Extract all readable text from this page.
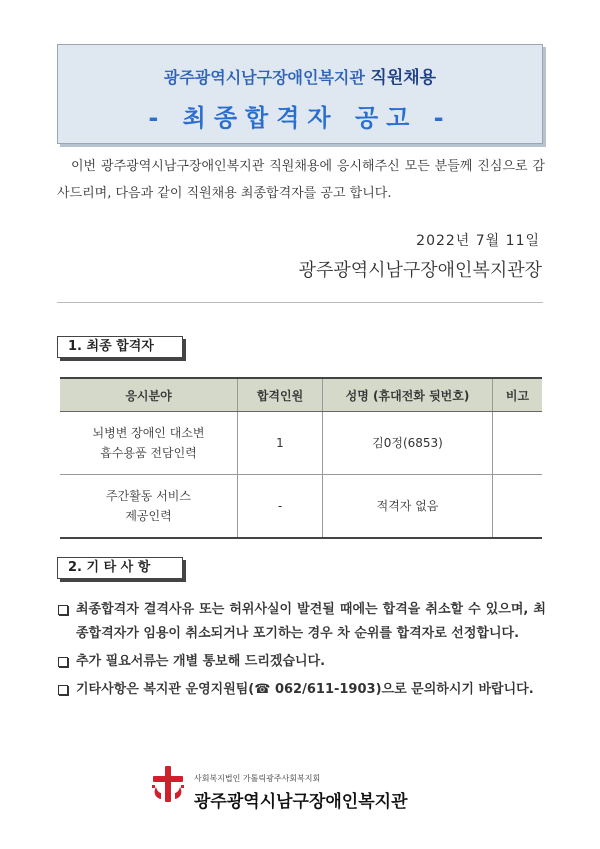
광주광역시남구장애인복지관 직원채용
- 최종합격자 공고 -

이번 광주광역시남구장애인복지관 직원채용에 응시해주신 모든 분들께 진심으로 감사드리며, 다음과 같이 직원채용 최종합격자를 공고 합니다.

2022년 7월 11일
광주광역시남구장애인복지관장
1. 최종 합격자
응시분야	합격인원	성명 (휴대전화 뒷번호)	비고
뇌병변 장애인 대소변
흡수용품 전담인력	1	김0정(6853)	
주간활동 서비스
제공인력	-	적격자 없음	
2. 기 타 사 항
최종합격자 결격사유 또는 허위사실이 발견될 때에는 합격을 취소할 수 있으며, 최종합격자가 임용이 취소되거나 포기하는 경우 차 순위를 합격자로 선정합니다.
추가 필요서류는 개별 통보해 드리겠습니다.
기타사항은 복지관 운영지원팀(☎ 062/611-1903)으로 문의하시기 바랍니다.
사회복지법인 가톨릭광주사회복지회
광주광역시남구장애인복지관
